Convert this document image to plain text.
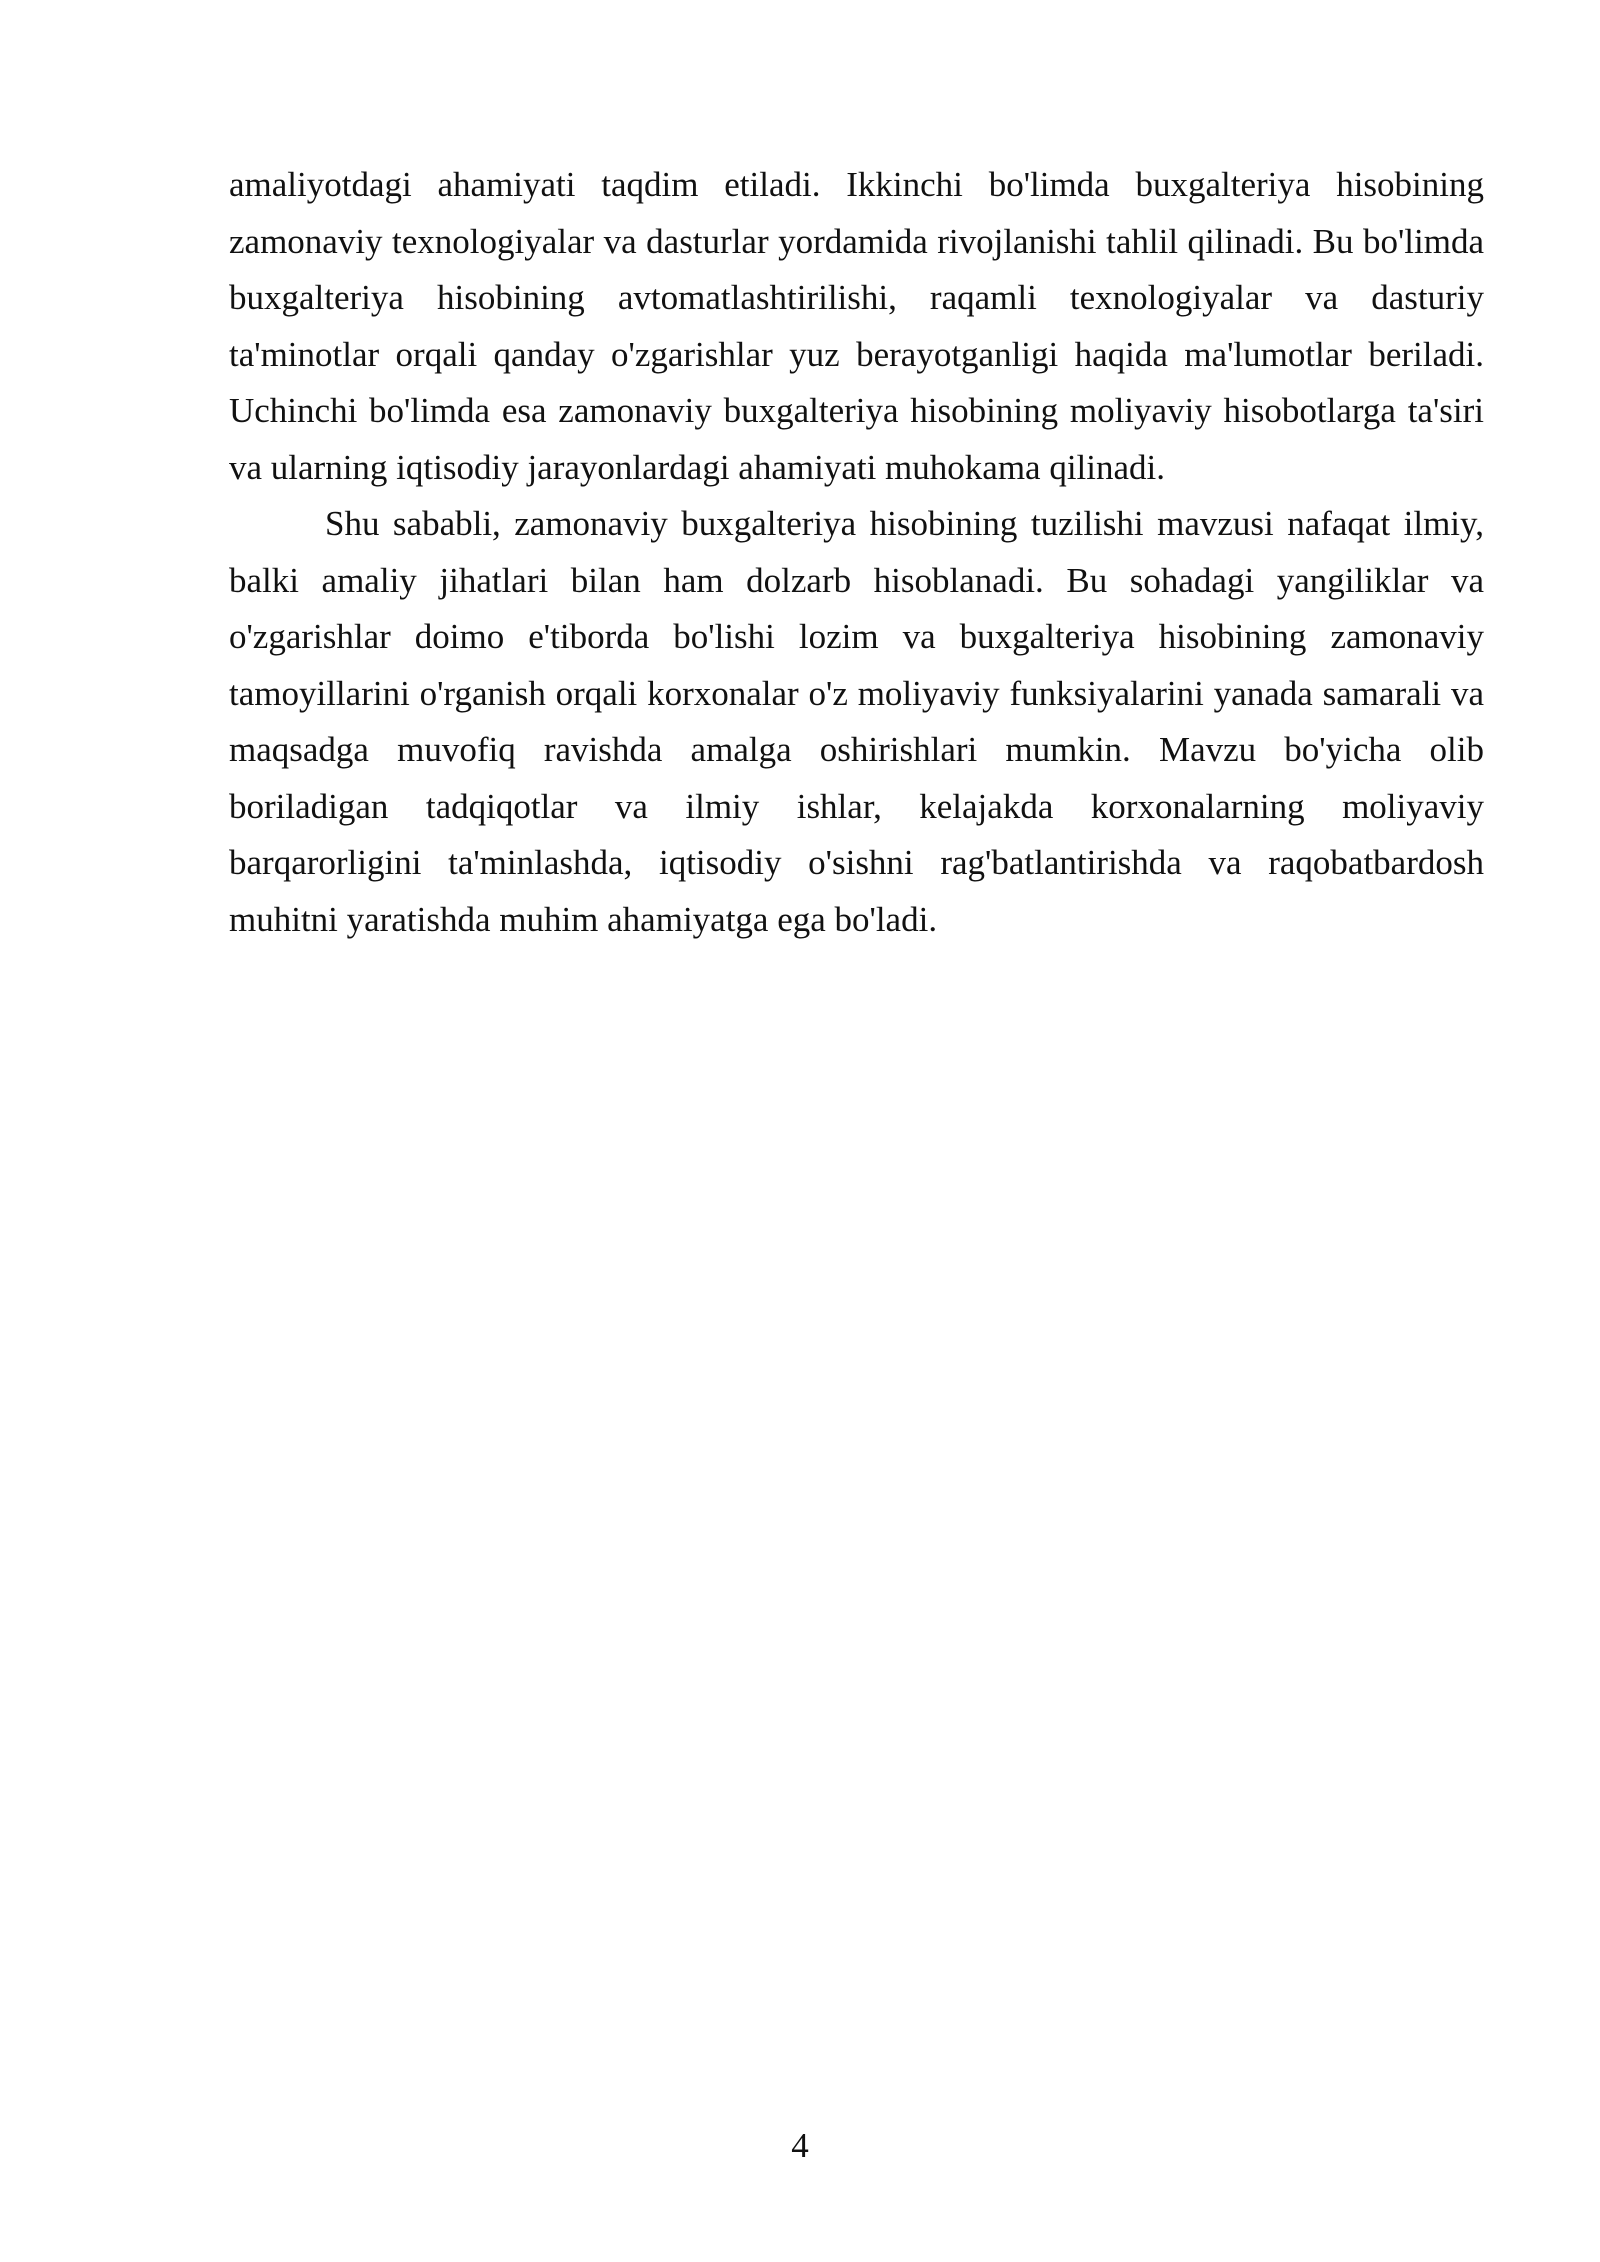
amaliyotdagi ahamiyati taqdim etiladi. Ikkinchi bo'limda buxgalteriya hisobining zamonaviy texnologiyalar va dasturlar yordamida rivojlanishi tahlil qilinadi. Bu bo'limda buxgalteriya hisobining avtomatlashtirilishi, raqamli texnologiyalar va dasturiy ta'minotlar orqali qanday o'zgarishlar yuz berayotganligi haqida ma'lumotlar beriladi. Uchinchi bo'limda esa zamonaviy buxgalteriya hisobining moliyaviy hisobotlarga ta'siri va ularning iqtisodiy jarayonlardagi ahamiyati muhokama qilinadi.

Shu sababli, zamonaviy buxgalteriya hisobining tuzilishi mavzusi nafaqat ilmiy, balki amaliy jihatlari bilan ham dolzarb hisoblanadi. Bu sohadagi yangiliklar va o'zgarishlar doimo e'tiborda bo'lishi lozim va buxgalteriya hisobining zamonaviy tamoyillarini o'rganish orqali korxonalar o'z moliyaviy funksiyalarini yanada samarali va maqsadga muvofiq ravishda amalga oshirishlari mumkin. Mavzu bo'yicha olib boriladigan tadqiqotlar va ilmiy ishlar, kelajakda korxonalarning moliyaviy barqarorligini ta'minlashda, iqtisodiy o'sishni rag'batlantirishda va raqobatbardosh muhitni yaratishda muhim ahamiyatga ega bo'ladi.

4
